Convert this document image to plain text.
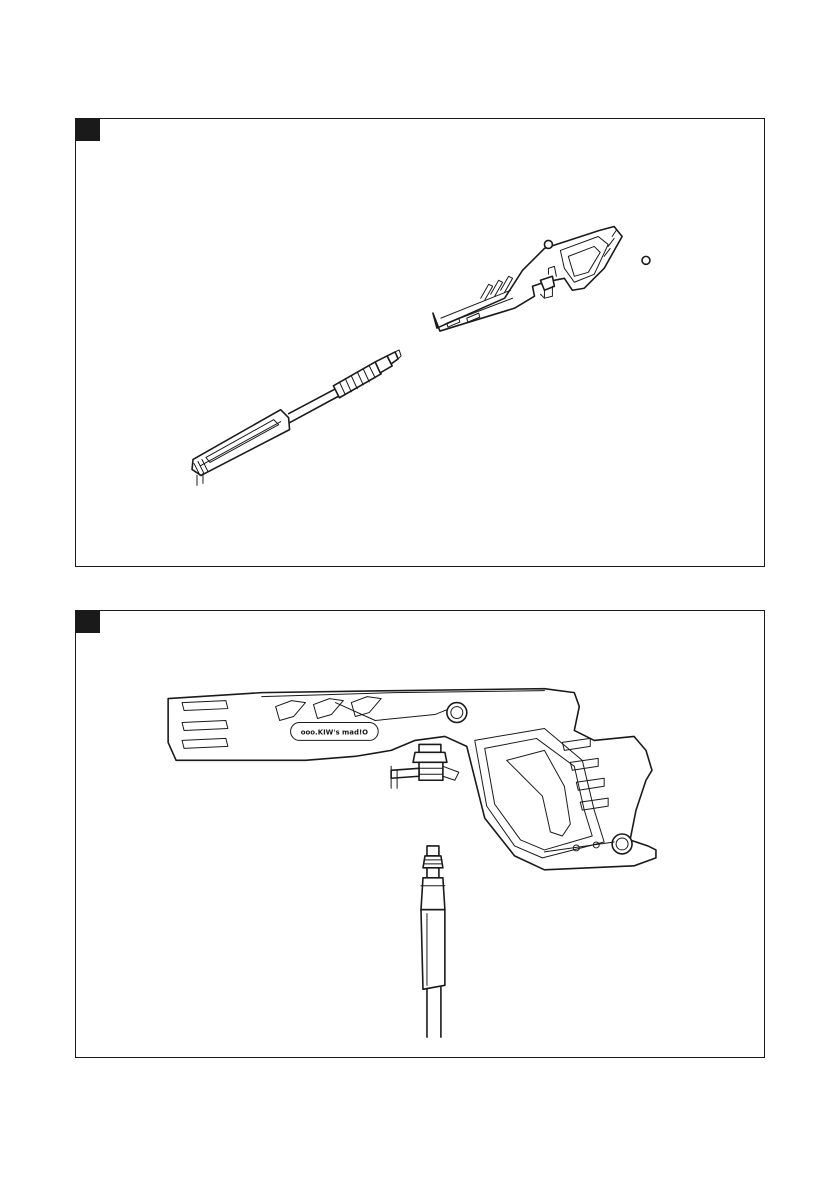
ooo.KIW's mad!O
